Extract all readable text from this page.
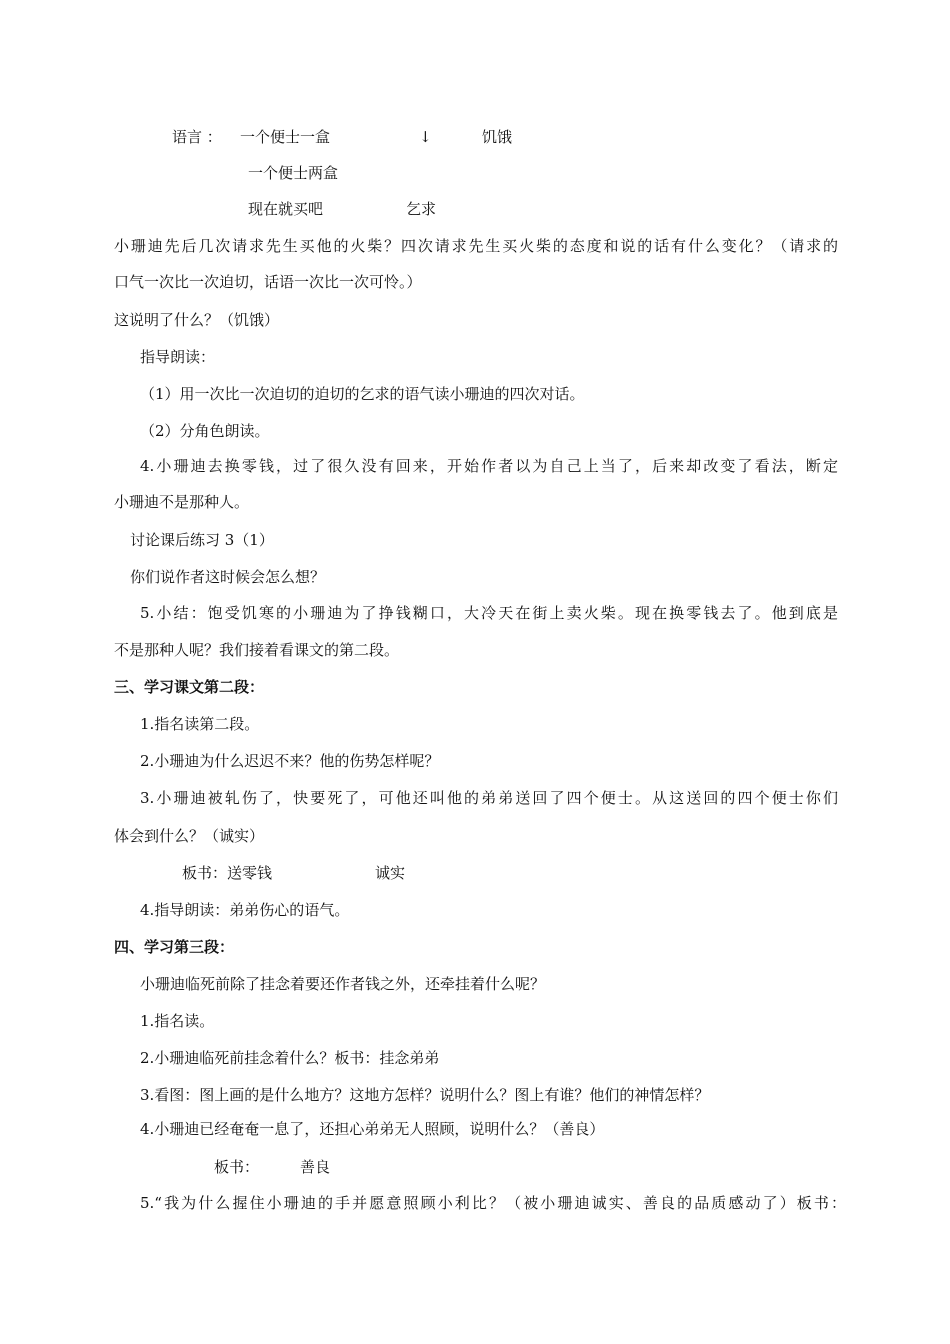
语言 ： 一个便士一盒	↓	饥饿

一个便士两盒

现在就买吧	乞求

小珊迪先后几次请求先生买他的火柴？四次请求先生买火柴的态度和说的话有什么变化？（请求的

口气一次比一次迫切，话语一次比一次可怜。）

这说明了什么？（饥饿）

指导朗读：

（1）用一次比一次迫切的迫切的乞求的语气读小珊迪的四次对话。

（2）分角色朗读。

4.小珊迪去换零钱，过了很久没有回来，开始作者以为自己上当了，后来却改变了看法，断定

小珊迪不是那种人。

讨论课后练习 3（1）

你们说作者这时候会怎么想？

5.小结：饱受饥寒的小珊迪为了挣钱糊口，大冷天在街上卖火柴。现在换零钱去了。他到底是

不是那种人呢？我们接着看课文的第二段。

三、学习课文第二段：

1.指名读第二段。

2.小珊迪为什么迟迟不来？他的伤势怎样呢？

3.小珊迪被轧伤了，快要死了，可他还叫他的弟弟送回了四个便士。从这送回的四个便士你们

体会到什么？（诚实）

板书：送零钱	诚实

4.指导朗读：弟弟伤心的语气。

四、学习第三段：

小珊迪临死前除了挂念着要还作者钱之外，还牵挂着什么呢？

1.指名读。

2.小珊迪临死前挂念着什么？板书：挂念弟弟

3.看图：图上画的是什么地方？这地方怎样？说明什么？图上有谁？他们的神情怎样？

4.小珊迪已经奄奄一息了，还担心弟弟无人照顾，说明什么？（善良）

板书：	善良

5.“我为什么握住小珊迪的手并愿意照顾小利比？（被小珊迪诚实、善良的品质感动了）板书：
